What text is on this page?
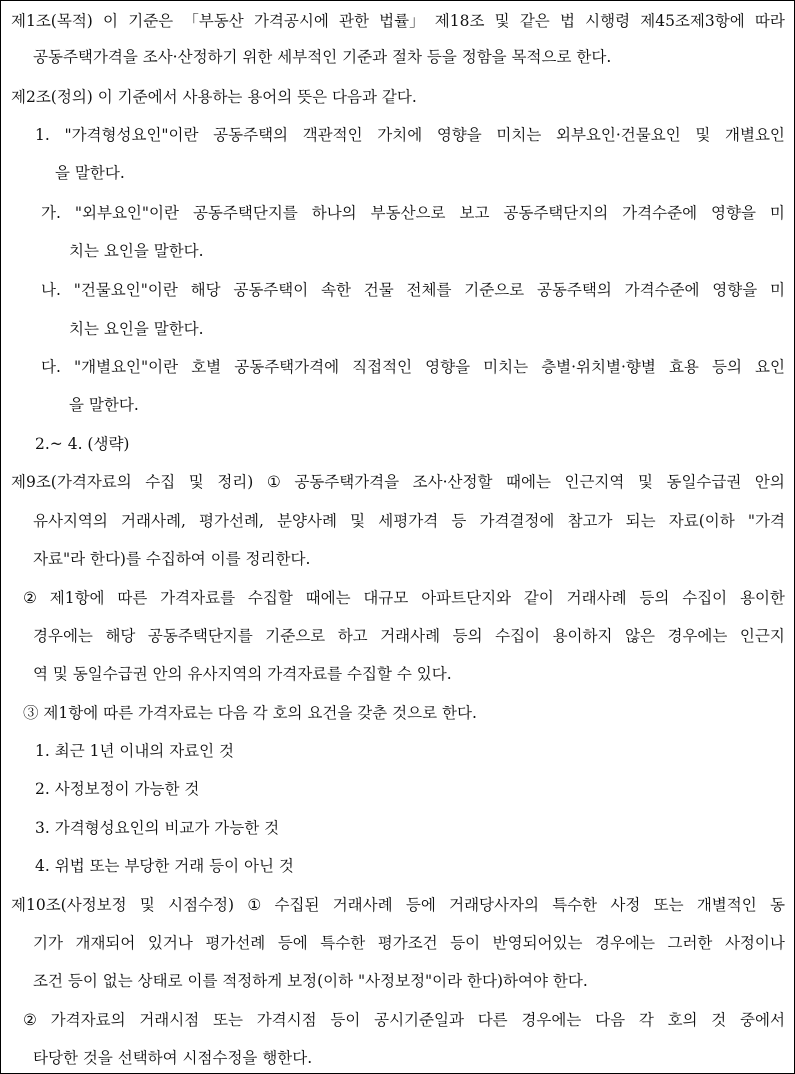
제1조(목적) 이 기준은 「부동산 가격공시에 관한 법률」 제18조 및 같은 법 시행령 제45조제3항에 따라
공동주택가격을 조사·산정하기 위한 세부적인 기준과 절차 등을 정함을 목적으로 한다.
제2조(정의) 이 기준에서 사용하는 용어의 뜻은 다음과 같다.
1. "가격형성요인"이란 공동주택의 객관적인 가치에 영향을 미치는 외부요인·건물요인 및 개별요인
을 말한다.
가. "외부요인"이란 공동주택단지를 하나의 부동산으로 보고 공동주택단지의 가격수준에 영향을 미
치는 요인을 말한다.
나. "건물요인"이란 해당 공동주택이 속한 건물 전체를 기준으로 공동주택의 가격수준에 영향을 미
치는 요인을 말한다.
다. "개별요인"이란 호별 공동주택가격에 직접적인 영향을 미치는 층별·위치별·향별 효용 등의 요인
을 말한다.
2.~ 4. (생략)
제9조(가격자료의 수집 및 정리) ① 공동주택가격을 조사·산정할 때에는 인근지역 및 동일수급권 안의
유사지역의 거래사례, 평가선례, 분양사례 및 세평가격 등 가격결정에 참고가 되는 자료(이하 "가격
자료"라 한다)를 수집하여 이를 정리한다.
② 제1항에 따른 가격자료를 수집할 때에는 대규모 아파트단지와 같이 거래사례 등의 수집이 용이한
경우에는 해당 공동주택단지를 기준으로 하고 거래사례 등의 수집이 용이하지 않은 경우에는 인근지
역 및 동일수급권 안의 유사지역의 가격자료를 수집할 수 있다.
③ 제1항에 따른 가격자료는 다음 각 호의 요건을 갖춘 것으로 한다.
1. 최근 1년 이내의 자료인 것
2. 사정보정이 가능한 것
3. 가격형성요인의 비교가 가능한 것
4. 위법 또는 부당한 거래 등이 아닌 것
제10조(사정보정 및 시점수정) ① 수집된 거래사례 등에 거래당사자의 특수한 사정 또는 개별적인 동
기가 개재되어 있거나 평가선례 등에 특수한 평가조건 등이 반영되어있는 경우에는 그러한 사정이나
조건 등이 없는 상태로 이를 적정하게 보정(이하 "사정보정"이라 한다)하여야 한다.
② 가격자료의 거래시점 또는 가격시점 등이 공시기준일과 다른 경우에는 다음 각 호의 것 중에서
타당한 것을 선택하여 시점수정을 행한다.
